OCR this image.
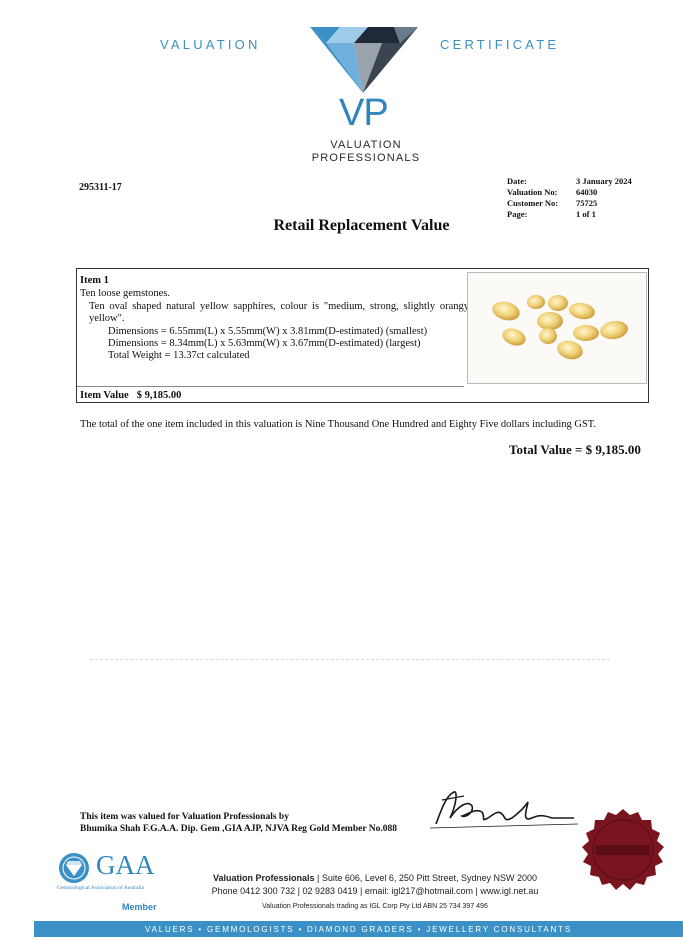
VALUATION	CERTIFICATE
VP
VALUATION
PROFESSIONALS
295311-17
Date:
Valuation No:
Customer No:
Page:
3 January 2024
64030
75725
1 of 1
Retail Replacement Value
Item 1
Ten loose gemstones.
Ten oval shaped natural yellow sapphires, colour is "medium, strong, slightly orangy yellow".
Dimensions = 6.55mm(L) x 5.55mm(W) x 3.81mm(D-estimated) (smallest)
Dimensions = 8.34mm(L) x 5.63mm(W) x 3.67mm(D-estimated) (largest)
Total Weight = 13.37ct calculated
Item Value $ 9,185.00
The total of the one item included in this valuation is Nine Thousand One Hundred and Eighty Five dollars including GST.
Total Value = $ 9,185.00
This item was valued for Valuation Professionals by
Bhumika Shah F.G.A.A. Dip. Gem ,GIA AJP, NJVA Reg Gold Member No.088
GAA
Gemmological Association of Australia
Member
Valuation Professionals | Suite 606, Level 6, 250 Pitt Street, Sydney NSW 2000
Phone 0412 300 732 | 02 9283 0419 | email: igl217@hotmail.com | www.igl.net.au
Valuation Professionals trading as IGL Corp Pty Ltd ABN 25 734 397 496
VALUERS • GEMMOLOGISTS • DIAMOND GRADERS • JEWELLERY CONSULTANTS
